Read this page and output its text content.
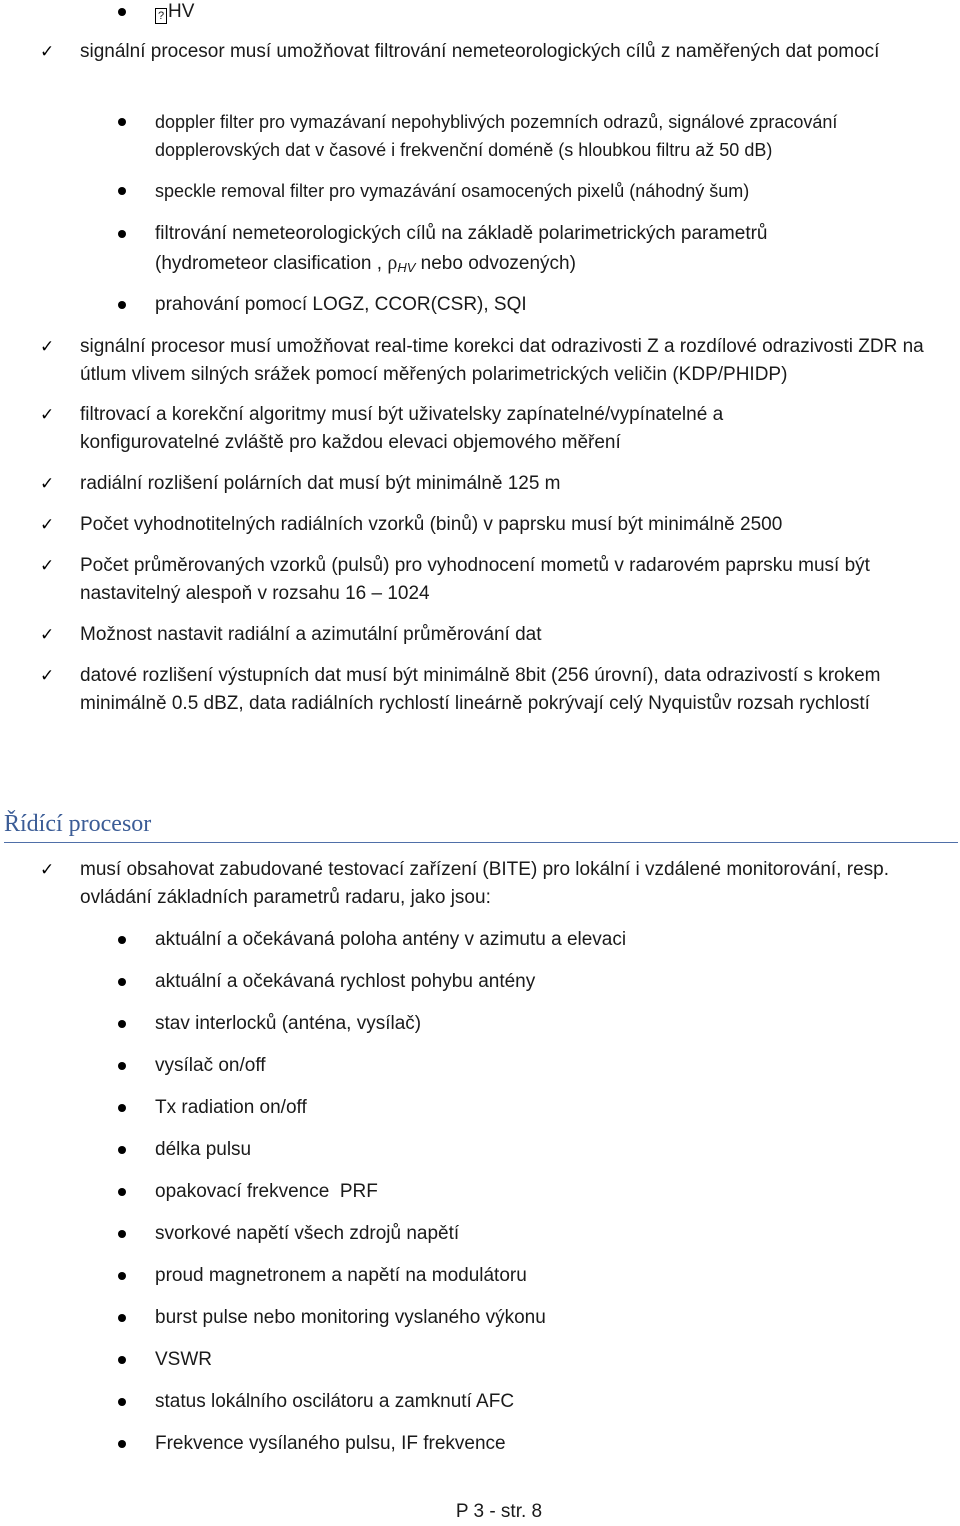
? HV
✓	signální procesor musí umožňovat filtrování nemeteorologických cílů z naměřených dat pomocí
doppler filter pro vymazávaní nepohyblivých pozemních odrazů, signálové zpracování dopplerovských dat v časové i frekvenční doméně (s hloubkou filtru až 50 dB)
speckle removal filter pro vymazávání osamocených pixelů (náhodný šum)
filtrování nemeteorologických cílů na základě polarimetrických parametrů
(hydrometeor clasification , $\rho_{HV}$ nebo odvozených)
prahování pomocí LOGZ, CCOR(CSR), SQI
✓	signální procesor musí umožňovat real-time korekci dat odrazivosti Z a rozdílové odrazivosti ZDR na útlum vlivem silných srážek pomocí měřených polarimetrických veličin (KDP/PHIDP)
✓	filtrovací a korekční algoritmy musí být uživatelsky zapínatelné/vypínatelné a konfigurovatelné zvláště pro každou elevaci objemového měření
✓	radiální rozlišení polárních dat musí být minimálně 125 m
✓	Počet vyhodnotitelných radiálních vzorků (binů) v paprsku musí být minimálně 2500
✓	Počet průměrovaných vzorků (pulsů) pro vyhodnocení mometů v radarovém paprsku musí být nastavitelný alespoň v rozsahu 16 – 1024
✓	Možnost nastavit radiální a azimutální průměrování dat
✓	datové rozlišení výstupních dat musí být minimálně 8bit (256 úrovní), data odrazivostí s krokem minimálně 0.5 dBZ, data radiálních rychlostí lineárně pokrývají celý Nyquistův rozsah rychlostí
Řídící procesor
✓	musí obsahovat zabudované testovací zařízení (BITE) pro lokální i vzdálené monitorování, resp. ovládání základních parametrů radaru, jako jsou:
aktuální a očekávaná poloha antény v azimutu a elevaci
aktuální a očekávaná rychlost pohybu antény
stav interlocků (anténa, vysílač)
vysílač on/off
Tx radiation on/off
délka pulsu
opakovací frekvence  PRF
svorkové napětí všech zdrojů napětí
proud magnetronem a napětí na modulátoru
burst pulse nebo monitoring vyslaného výkonu
VSWR
status lokálního oscilátoru a zamknutí AFC
Frekvence vysílaného pulsu, IF frekvence
P 3 - str. 8
